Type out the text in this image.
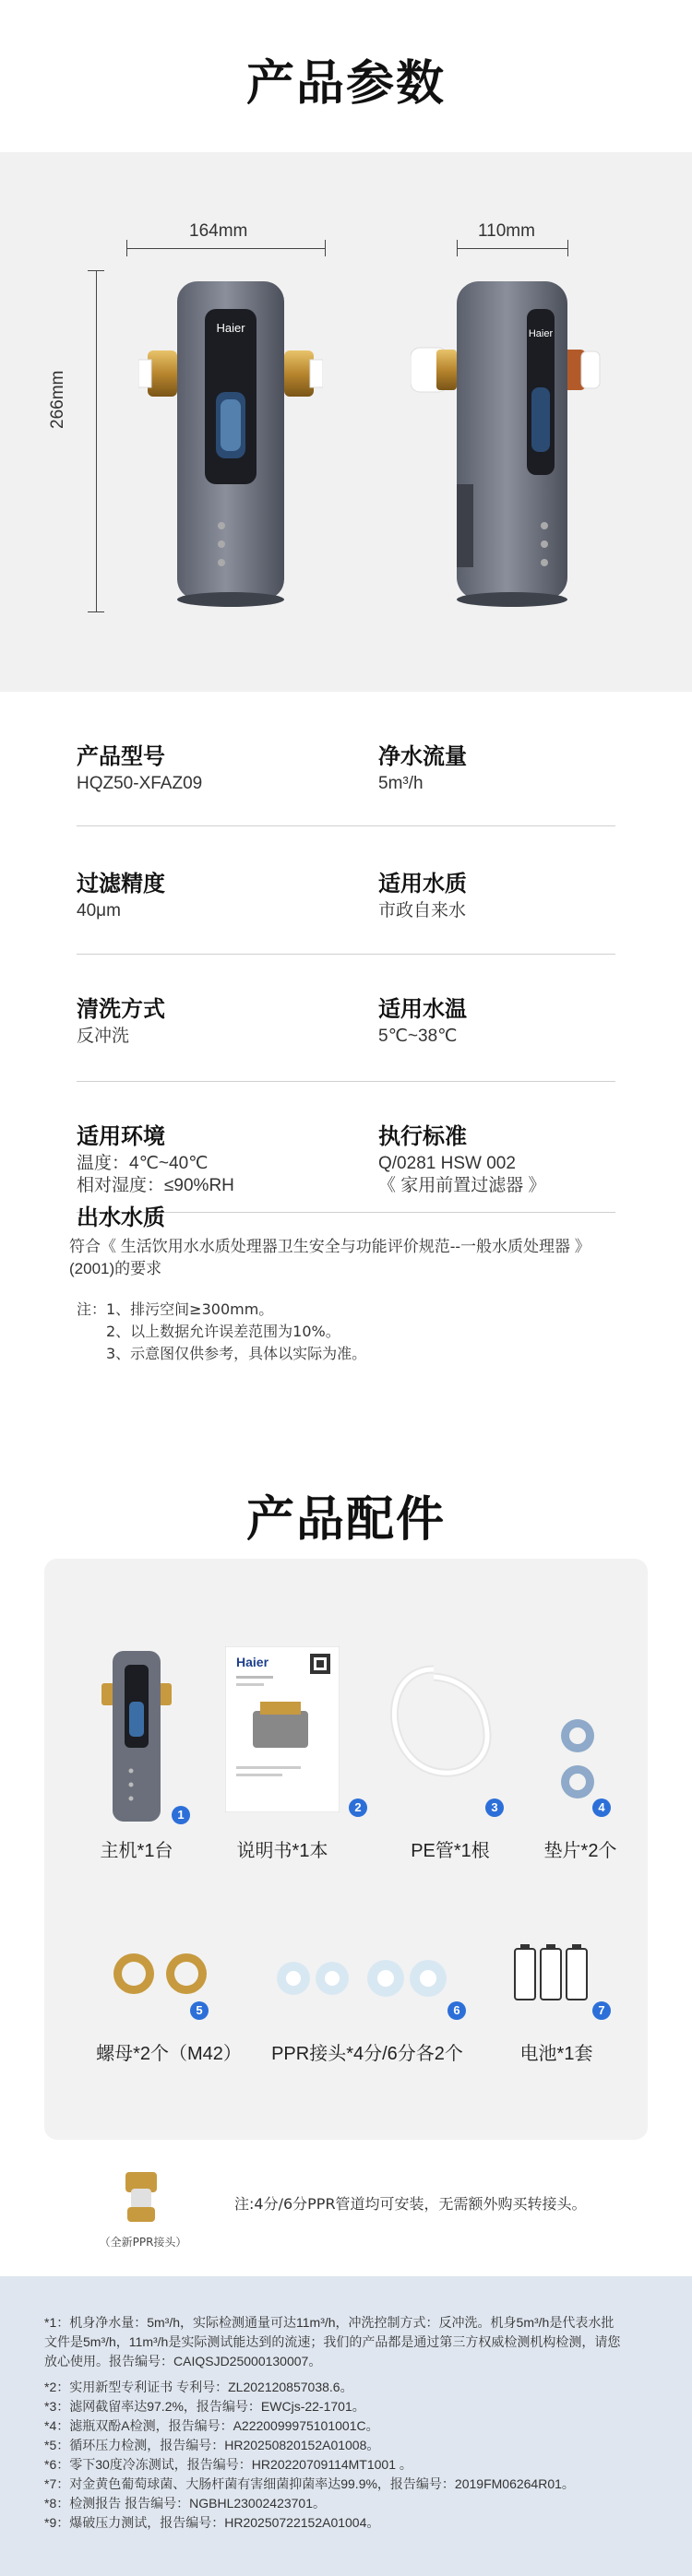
产品参数
164mm	110mm
266mm
Haier	Haier
产品型号
HQZ50-XFAZ09
净水流量
5m³/h
过滤精度
40μm
适用水质
市政自来水
清洗方式
反冲洗
适用水温
5℃~38℃
适用环境
温度：4℃~40℃
相对湿度：≤90%RH
执行标准
Q/0281 HSW 002
《 家用前置过滤器 》
出水水质
符合《 生活饮用水水质处理器卫生安全与功能评价规范--一般水质处理器 》
(2001)的要求
注： 1、排污空间≥300mm。
2、以上数据允许误差范围为10%。
3、示意图仅供参考，具体以实际为准。
产品配件
1
主机*1台
Haier
2
说明书*1本
3
PE管*1根
4
垫片*2个
5
螺母*2个（M42）
6
PPR接头*4分/6分各2个
7
电池*1套
（全新PPR接头）
注:4分/6分PPR管道均可安装，无需额外购买转接头。
*1：机身净水量：5m³/h，实际检测通量可达11m³/h，冲洗控制方式：反冲洗。机身5m³/h是代表水批
文件是5m³/h，11m³/h是实际测试能达到的流速；我们的产品都是通过第三方权威检测机构检测，请您
放心使用。报告编号：CAIQSJD25000130007。
*2：实用新型专利证书 专利号：ZL202120857038.6。
*3：滤网截留率达97.2%，报告编号：EWCjs-22-1701。
*4：滤瓶双酚A检测，报告编号：A2220099975101001C。
*5：循环压力检测，报告编号：HR20250820152A01008。
*6：零下30度冷冻测试，报告编号：HR20220709114MT1001 。
*7：对金黄色葡萄球菌、大肠杆菌有害细菌抑菌率达99.9%，报告编号：2019FM06264R01。
*8：检测报告 报告编号：NGBHL23002423701。
*9：爆破压力测试，报告编号：HR20250722152A01004。
